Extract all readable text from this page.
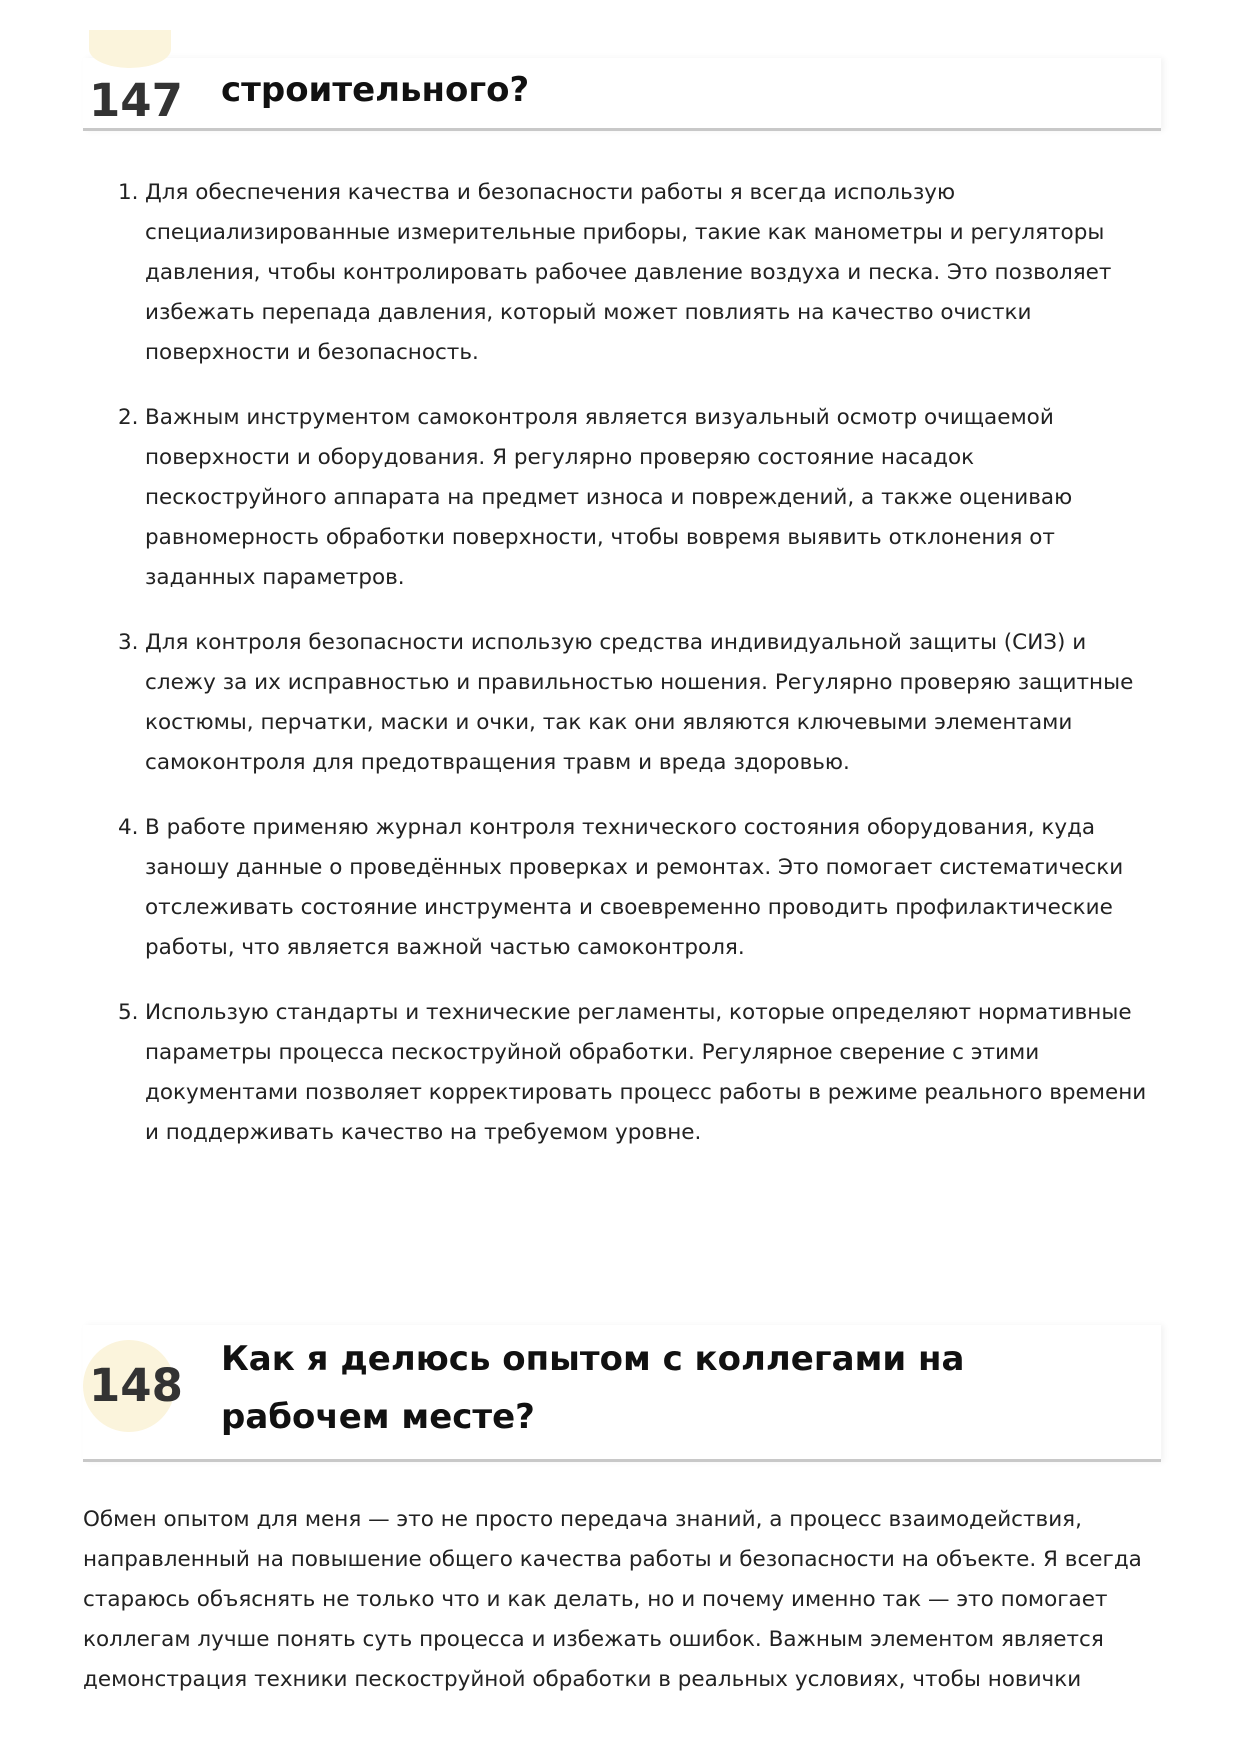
147 строительного?
1. Для обеспечения качества и безопасности работы я всегда использую специализированные измерительные приборы, такие как манометры и регуляторы давления, чтобы контролировать рабочее давление воздуха и песка. Это позволяет избежать перепада давления, который может повлиять на качество очистки поверхности и безопасность.
2. Важным инструментом самоконтроля является визуальный осмотр очищаемой поверхности и оборудования. Я регулярно проверяю состояние насадок пескоструйного аппарата на предмет износа и повреждений, а также оцениваю равномерность обработки поверхности, чтобы вовремя выявить отклонения от заданных параметров.
3. Для контроля безопасности использую средства индивидуальной защиты (СИЗ) и слежу за их исправностью и правильностью ношения. Регулярно проверяю защитные костюмы, перчатки, маски и очки, так как они являются ключевыми элементами самоконтроля для предотвращения травм и вреда здоровью.
4. В работе применяю журнал контроля технического состояния оборудования, куда заношу данные о проведённых проверках и ремонтах. Это помогает систематически отслеживать состояние инструмента и своевременно проводить профилактические работы, что является важной частью самоконтроля.
5. Использую стандарты и технические регламенты, которые определяют нормативные параметры процесса пескоструйной обработки. Регулярное сверение с этими документами позволяет корректировать процесс работы в режиме реального времени и поддерживать качество на требуемом уровне.
148 Как я делюсь опытом с коллегами на рабочем месте?

Обмен опытом для меня — это не просто передача знаний, а процесс взаимодействия, направленный на повышение общего качества работы и безопасности на объекте. Я всегда стараюсь объяснять не только что и как делать, но и почему именно так — это помогает коллегам лучше понять суть процесса и избежать ошибок. Важным элементом является демонстрация техники пескоструйной обработки в реальных условиях, чтобы новички
